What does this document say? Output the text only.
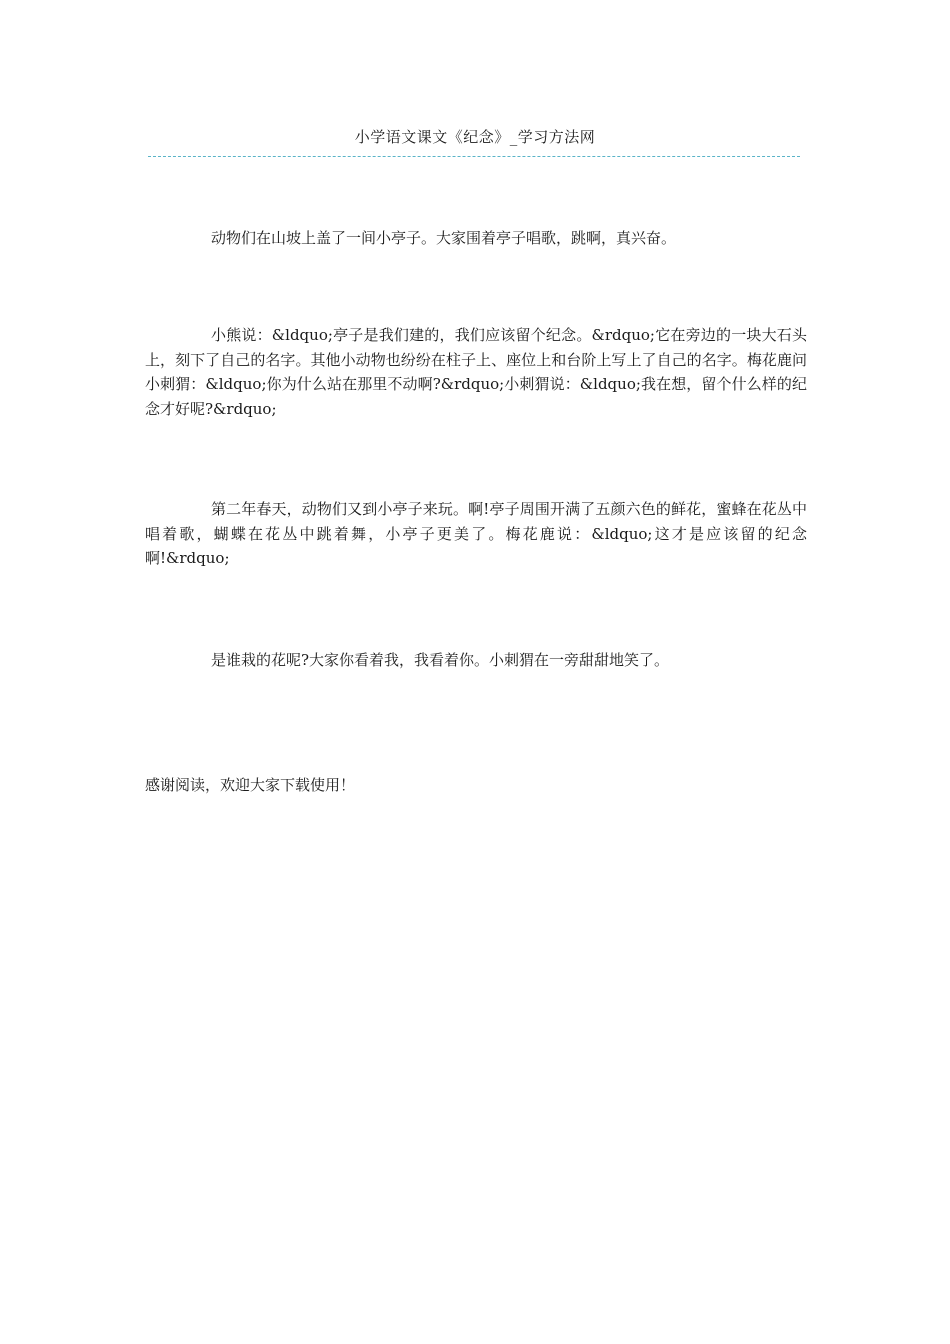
小学语文课文《纪念》_学习方法网

动物们在山坡上盖了一间小亭子。大家围着亭子唱歌，跳啊，真兴奋。

小熊说：&ldquo;亭子是我们建的，我们应该留个纪念。&rdquo;它在旁边的一块大石头上，刻下了自己的名字。其他小动物也纷纷在柱子上、座位上和台阶上写上了自己的名字。梅花鹿问小刺猬：&ldquo;你为什么站在那里不动啊?&rdquo;小刺猬说：&ldquo;我在想，留个什么样的纪念才好呢?&rdquo;

第二年春天，动物们又到小亭子来玩。啊!亭子周围开满了五颜六色的鲜花，蜜蜂在花丛中唱着歌，蝴蝶在花丛中跳着舞，小亭子更美了。梅花鹿说：&ldquo;这才是应该留的纪念啊!&rdquo;

是谁栽的花呢?大家你看着我，我看着你。小刺猬在一旁甜甜地笑了。

感谢阅读，欢迎大家下载使用！
